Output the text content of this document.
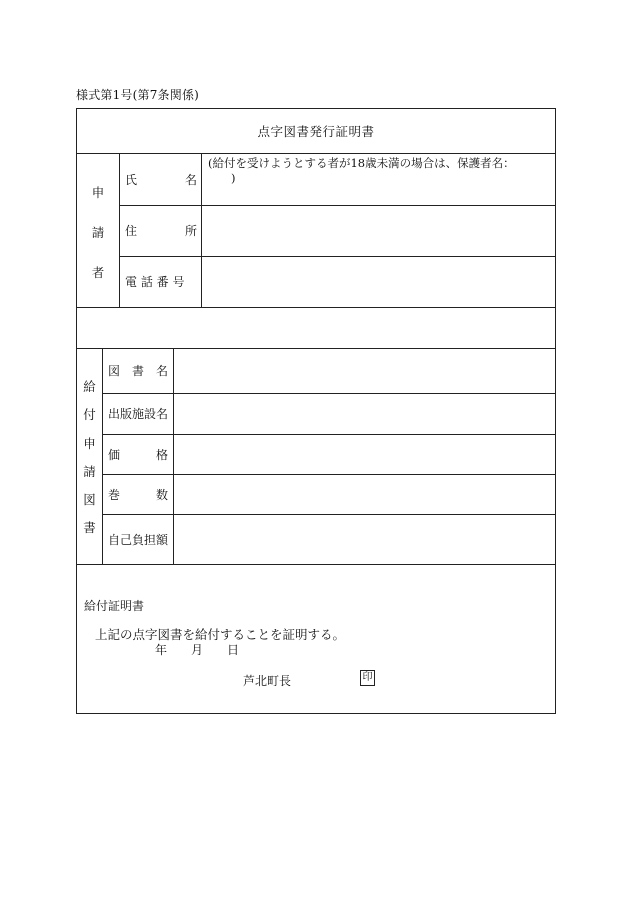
様式第1号(第7条関係)
点字図書発行証明書
申
請
者
氏　　　　名
住　　　　所
電 話 番 号
(給付を受けようとする者が18歳未満の場合は、保護者名：
　　)
給
付
申
請
図
書
図　書　名
出版施設名
価　　　格
巻　　　数
自己負担額
給付証明書
上記の点字図書を給付することを証明する。
年　　月　　日
芦北町長	印
